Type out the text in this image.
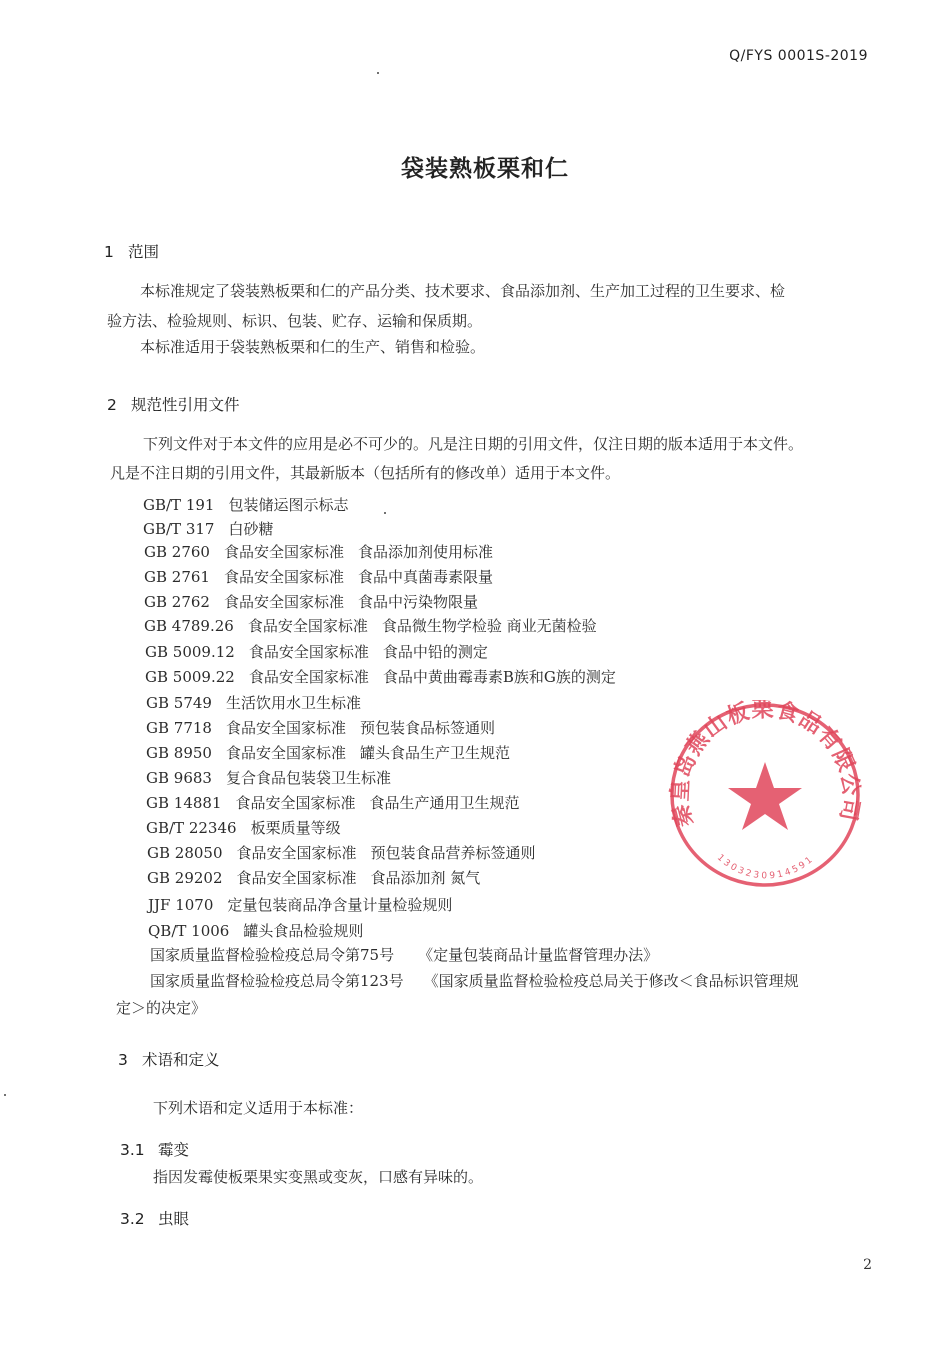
Q/FYS 0001S-2019
袋装熟板栗和仁
1 范围
本标准规定了袋装熟板栗和仁的产品分类、技术要求、食品添加剂、生产加工过程的卫生要求、检
验方法、检验规则、标识、包装、贮存、运输和保质期。
本标准适用于袋装熟板栗和仁的生产、销售和检验。
2 规范性引用文件
下列文件对于本文件的应用是必不可少的。凡是注日期的引用文件，仅注日期的版本适用于本文件。
凡是不注日期的引用文件，其最新版本（包括所有的修改单）适用于本文件。
GB/T 191 包装储运图示标志
GB/T 317 白砂糖
GB 2760 食品安全国家标准 食品添加剂使用标准
GB 2761 食品安全国家标准 食品中真菌毒素限量
GB 2762 食品安全国家标准 食品中污染物限量
GB 4789.26 食品安全国家标准 食品微生物学检验 商业无菌检验
GB 5009.12 食品安全国家标准 食品中铅的测定
GB 5009.22 食品安全国家标准 食品中黄曲霉毒素B族和G族的测定
GB 5749 生活饮用水卫生标准
GB 7718 食品安全国家标准 预包装食品标签通则
GB 8950 食品安全国家标准 罐头食品生产卫生规范
GB 9683 复合食品包装袋卫生标准
GB 14881 食品安全国家标准 食品生产通用卫生规范
GB/T 22346 板栗质量等级
GB 28050 食品安全国家标准 预包装食品营养标签通则
GB 29202 食品安全国家标准 食品添加剂 氮气
JJF 1070 定量包装商品净含量计量检验规则
QB/T 1006 罐头食品检验规则
国家质量监督检验检疫总局令第75号 《定量包装商品计量监督管理办法》
国家质量监督检验检疫总局令第123号 《国家质量监督检验检疫总局关于修改＜食品标识管理规
定＞的决定》
3 术语和定义
下列术语和定义适用于本标准：
3.1 霉变
指因发霉使板栗果实变黑或变灰，口感有异味的。
3.2 虫眼
2
秦皇岛燕山板栗食品有限公司
1303230914591
